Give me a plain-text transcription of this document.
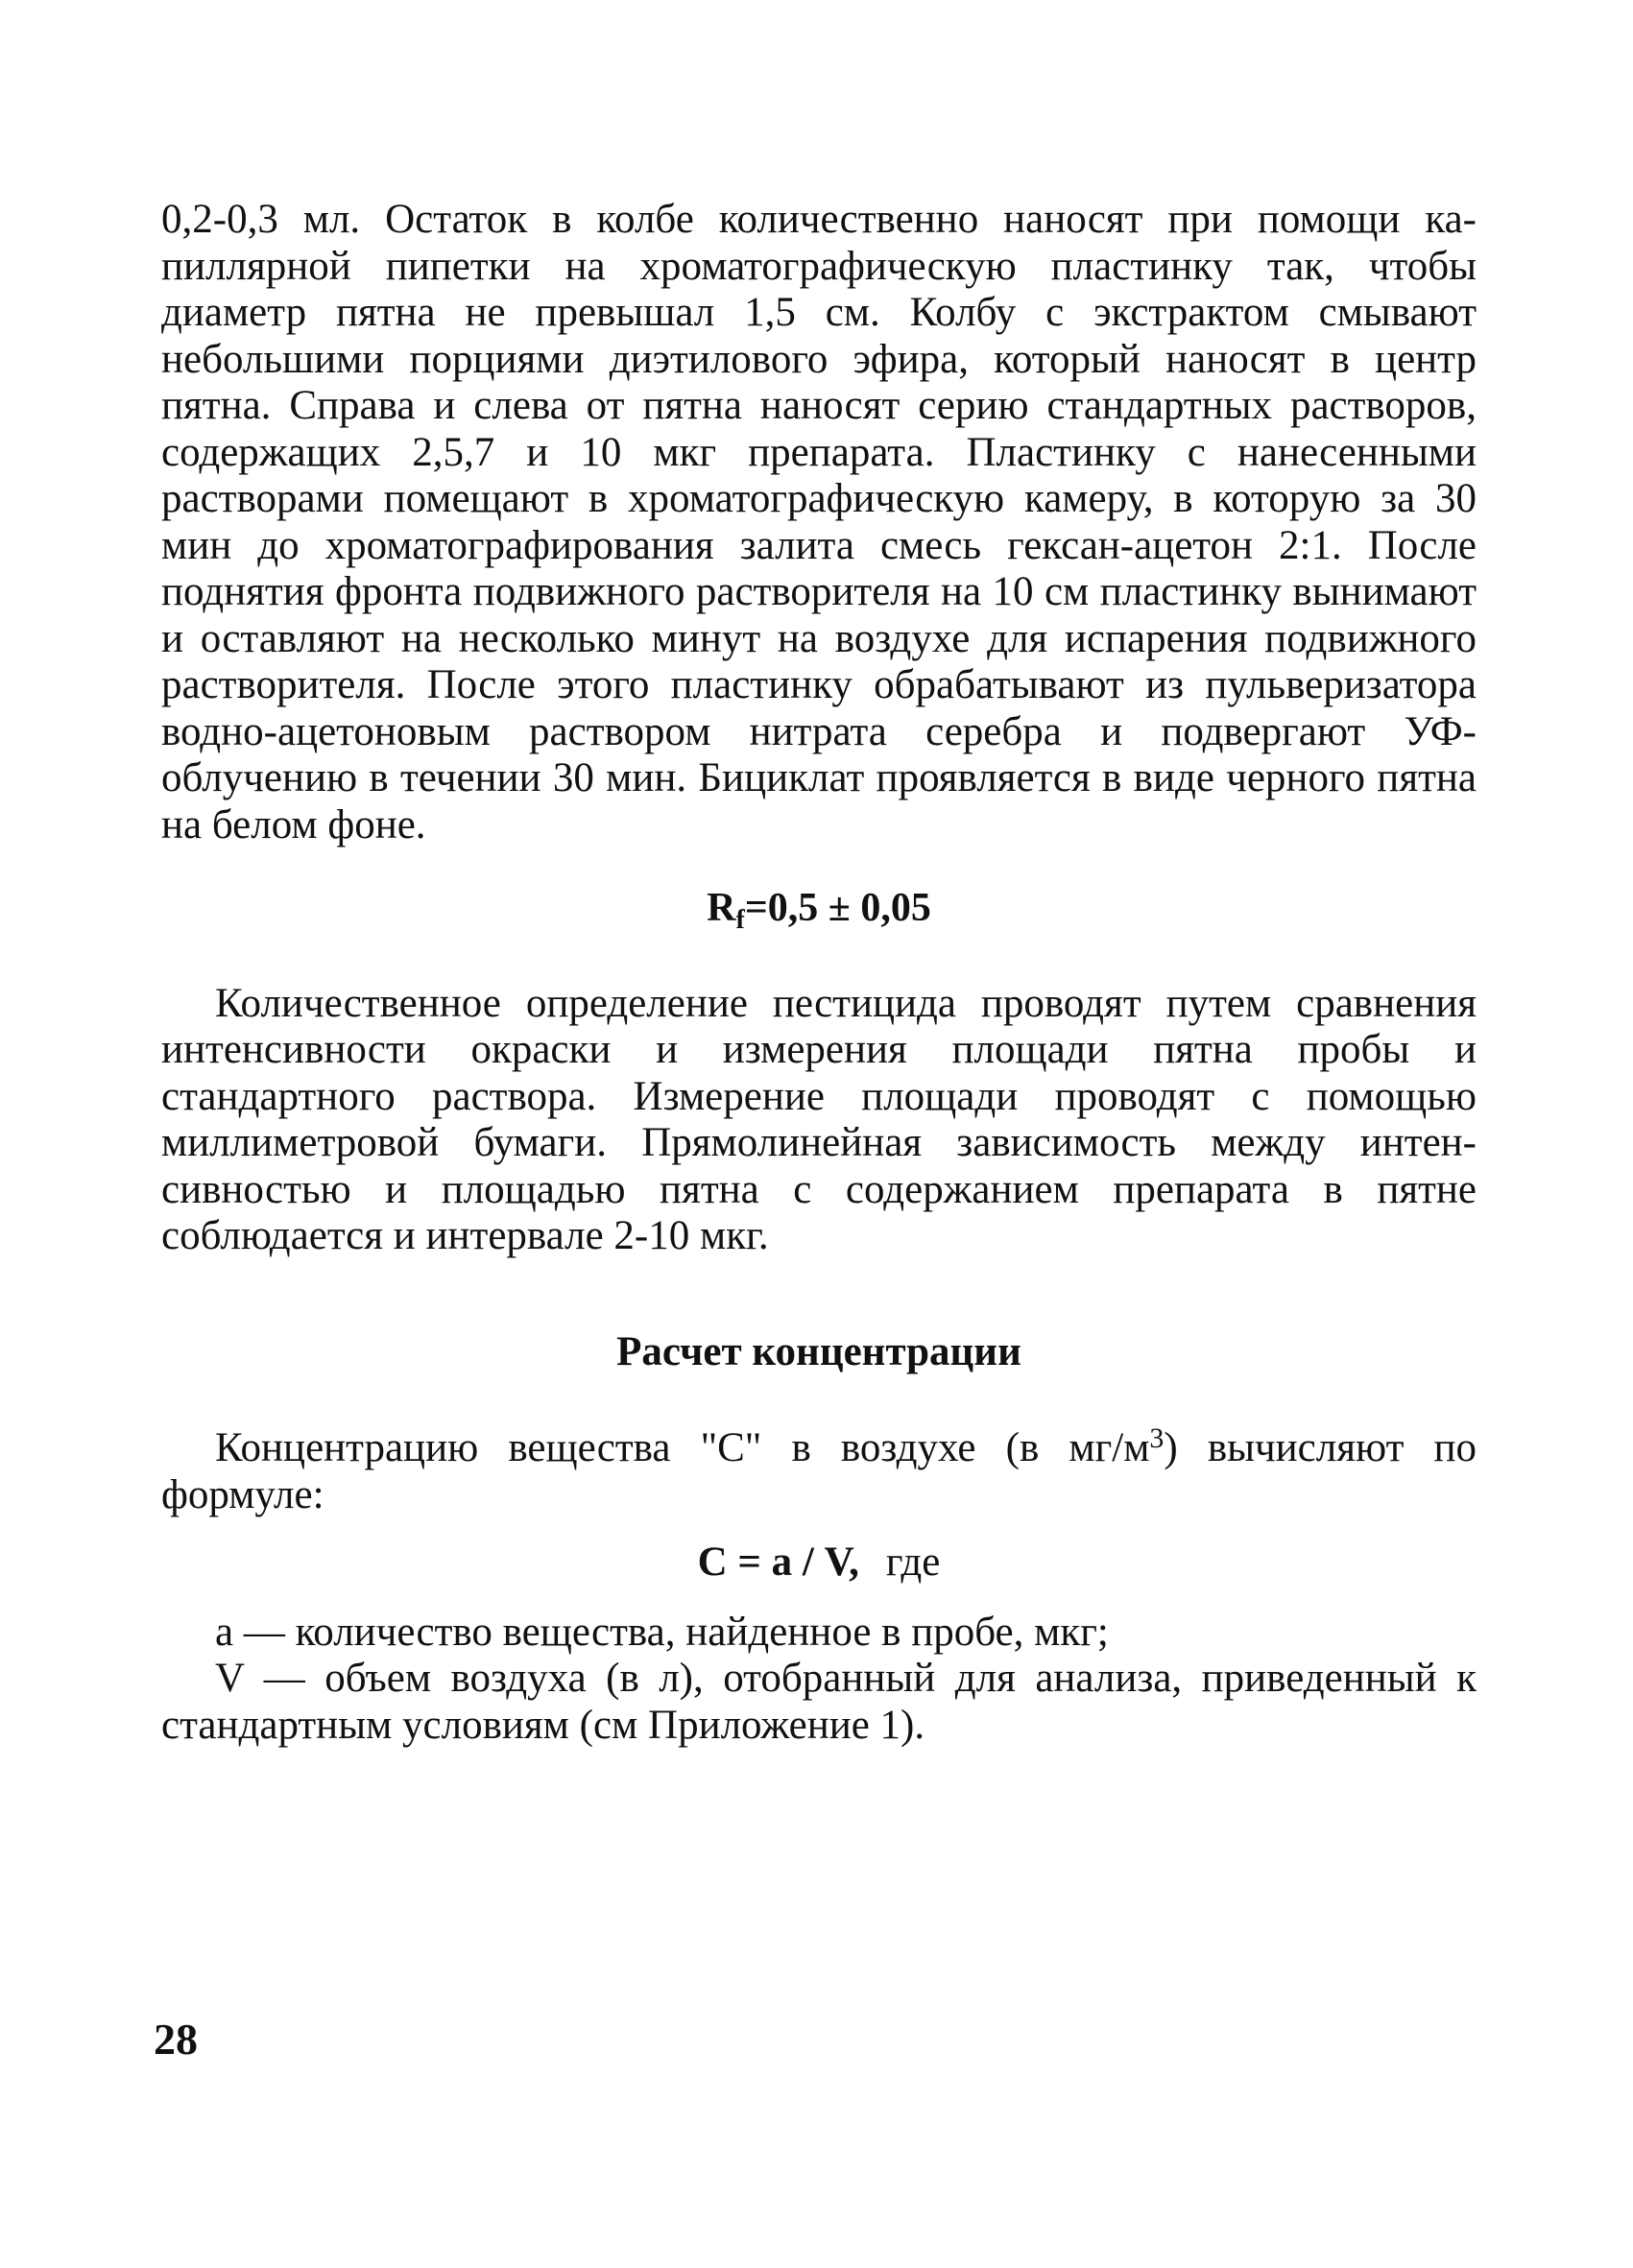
0,2-0,3 мл. Остаток в колбе количественно наносят при помощи капиллярной пипетки на хроматографическую пластинку так, чтобы диаметр пятна не превышал 1,5 см. Колбу с экстрактом смывают небольшими порциями диэтилового эфира, который наносят в центр пятна. Справа и слева от пятна наносят серию стандартных растворов, содержащих 2,5,7 и 10 мкг препарата. Пластинку с нанесенными растворами помещают в хроматографическую камеру, в которую за 30 мин до хроматографирования залита смесь гексан-ацетон 2:1. После поднятия фронта подвижного растворителя на 10 см пластинку вынимают и оставляют на несколько минут на воздухе для испарения подвижного растворителя. После этого пластинку обрабатывают из пульверизатора водно-ацетоновым раствором нитрата серебра и подвергают УФ-облучению в течении 30 мин. Бициклат проявляется в виде черного пятна на белом фоне.

Rf=0,5 ± 0,05

Количественное определение пестицида проводят путем сравнения интенсивности окраски и измерения площади пятна пробы и стандартного раствора. Измерение площади проводят с помощью миллиметровой бумаги. Прямолинейная зависимость между интенсивностью и площадью пятна с содержанием препарата в пятне соблюдается и интервале 2-10 мкг.

Расчет концентрации

Концентрацию вещества "С" в воздухе (в $мг/м^3$) вычисляют по формуле:

С = а / V, где

а — количество вещества, найденное в пробе, мкг;

V — объем воздуха (в л), отобранный для анализа, приведенный к стандартным условиям (см Приложение 1).

28
